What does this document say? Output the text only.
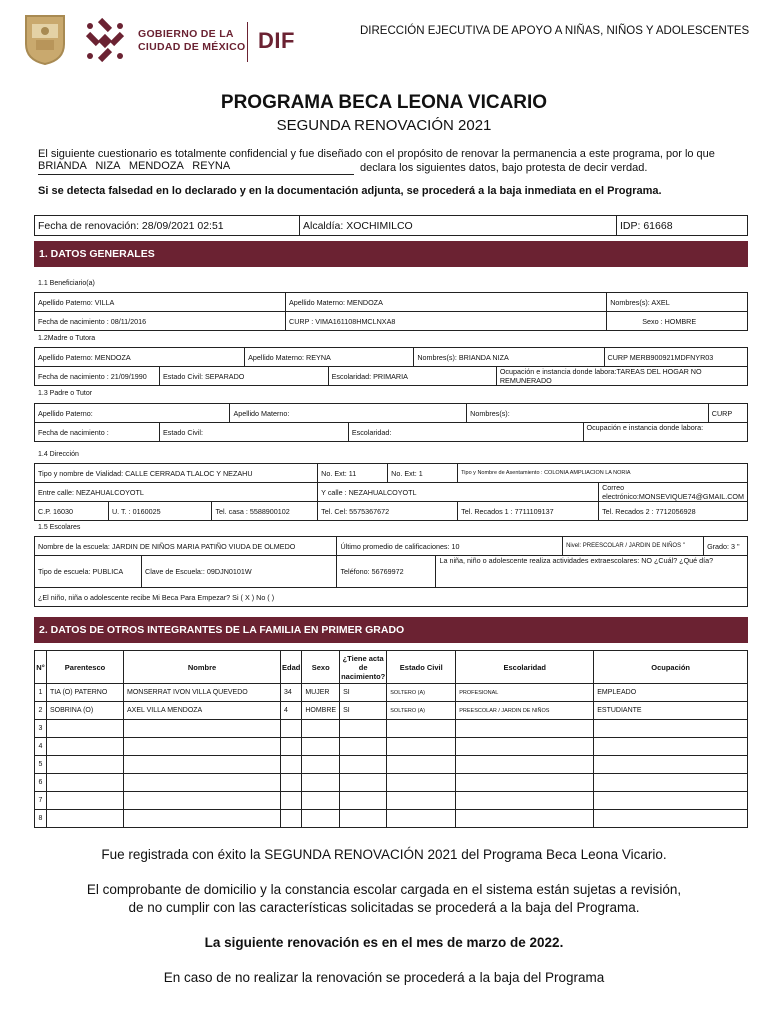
GOBIERNO DE LA
CIUDAD DE MÉXICO DIF	DIRECCIÓN EJECUTIVA DE APOYO A NIÑAS, NIÑOS Y ADOLESCENTES
PROGRAMA BECA LEONA VICARIO
SEGUNDA RENOVACIÓN 2021
El siguiente cuestionario es totalmente confidencial y fue diseñado con el propósito de renovar la permanencia a este programa, por lo que
BRIANDA NIZA MENDOZA REYNA	declara los siguientes datos, bajo protesta de decir verdad.
Si se detecta falsedad en lo declarado y en la documentación adjunta, se procederá a la baja inmediata en el Programa.
Fecha de renovación: 28/09/2021 02:51	Alcaldía: XOCHIMILCO	IDP: 61668
1. DATOS GENERALES
1.1 Beneficiario(a)
Apellido Paterno: VILLA	Apellido Materno: MENDOZA	Nombres(s): AXEL
Fecha de nacimiento : 08/11/2016	CURP : VIMA161108HMCLNXA8	Sexo : HOMBRE
1.2Madre o Tutora
Apellido Paterno: MENDOZA		Apellido Materno: REYNA		Nombres(s): BRIANDA NIZA		CURP MERB900921MDFNYR03
Fecha de nacimiento : 21/09/1990	Estado Civil: SEPARADO		Escolaridad: PRIMARIA		Ocupación e instancia donde labora:TAREAS DEL HOGAR NO REMUNERADO	
1.3 Padre o Tutor
Apellido Paterno:		Apellido Materno:		Nombres(s):		CURP
Fecha de nacimiento :	Estado Civil:		Escolaridad:		Ocupación e instancia donde labora:	
1.4 Dirección
Tipo y nombre de Vialidad: CALLE CERRADA TLALOC Y NEZAHU			No. Ext: 11	No. Ext: 1	Tipo y Nombre de Asentamiento : COLONIA AMPLIACION LA NORIA	
Entre calle: NEZAHUALCOYOTL			Y calle : NEZAHUALCOYOTL			Correo electrónico:MONSEVIQUE74@GMAIL.COM
C.P. 16030	U. T. : 0160025	Tel. casa : 5588900102	Tel. Cel: 5575367672		Tel. Recados 1 : 7711109137	Tel. Recados 2 : 7712056928
1.5 Escolares
Nombre de la escuela: JARDIN DE NIÑOS MARIA PATIÑO VIUDA DE OLMEDO		Último promedio de calificaciones: 10		Nivel: PREESCOLAR / JARDIN DE NIÑOS "	Grado: 3 "
Tipo de escuela: PUBLICA	Clave de Escuela:: 09DJN0101W	Teléfono: 56769972	La niña, niño o adolescente realiza actividades extraescolares: NO ¿Cuál? ¿Qué día?		
¿El niño, niña o adolescente recibe Mi Beca Para Empezar? Si ( X ) No ( )					
2. DATOS DE OTROS INTEGRANTES DE LA FAMILIA EN PRIMER GRADO
N°	Parentesco	Nombre	Edad	Sexo	¿Tiene acta de nacimiento?	Estado Civil	Escolaridad	Ocupación
1	TIA (O) PATERNO	MONSERRAT IVON VILLA QUEVEDO	34	MUJER	SI	SOLTERO (A)	PROFESIONAL	EMPLEADO
2	SOBRINA (O)	AXEL VILLA MENDOZA	4	HOMBRE	SI	SOLTERO (A)	PREESCOLAR / JARDIN DE NIÑOS	ESTUDIANTE
3								
4								
5								
6								
7								
8								
Fue registrada con éxito la SEGUNDA RENOVACIÓN 2021 del Programa Beca Leona Vicario.
El comprobante de domicilio y la constancia escolar cargada en el sistema están sujetas a revisión,
de no cumplir con las características solicitadas se procederá a la baja del Programa.
La siguiente renovación es en el mes de marzo de 2022.
En caso de no realizar la renovación se procederá a la baja del Programa
